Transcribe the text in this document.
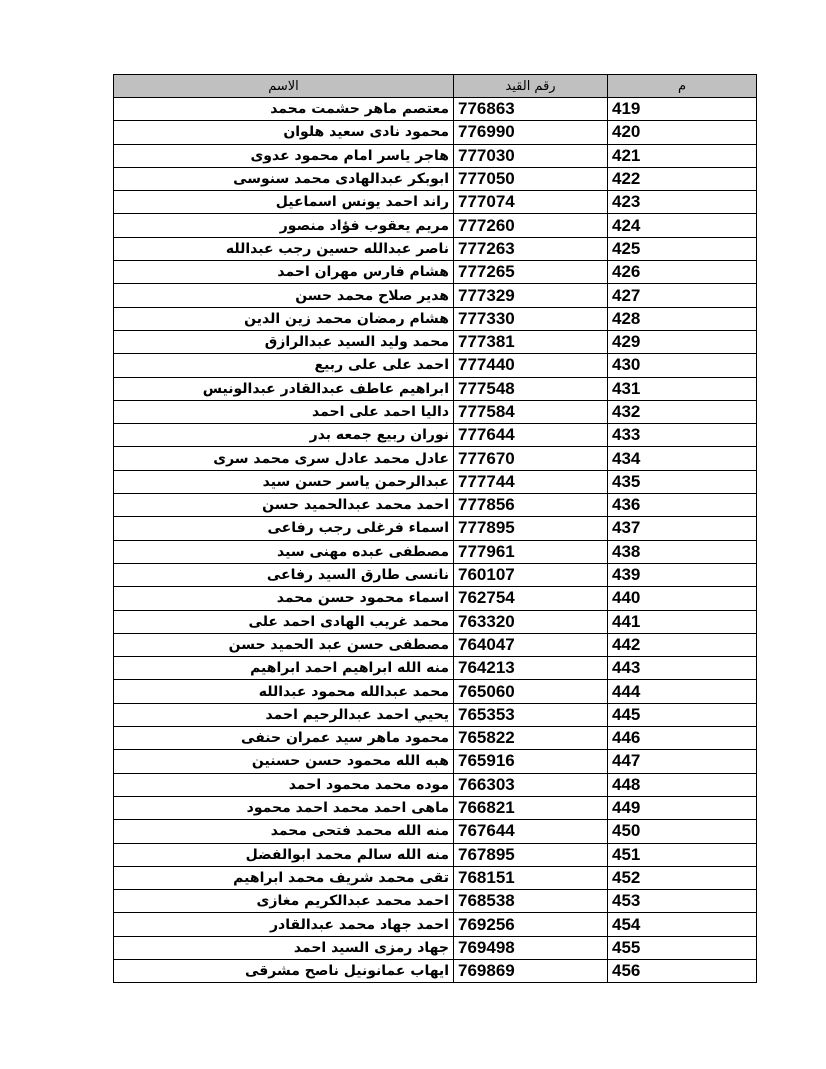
م	رقم القيد	الاسم
419	776863	معتصم ماهر حشمت محمد
420	776990	محمود نادى سعيد هلوان
421	777030	هاجر ياسر امام محمود عدوى
422	777050	ابوبكر عبدالهادى محمد سنوسى
423	777074	راند احمد يونس اسماعيل
424	777260	مريم يعقوب فؤاد منصور
425	777263	ناصر عبدالله حسين رجب عبدالله
426	777265	هشام فارس مهران احمد
427	777329	هدير صلاح محمد حسن
428	777330	هشام رمضان محمد زين الدين
429	777381	محمد وليد السيد عبدالرازق
430	777440	احمد على على ربيع
431	777548	ابراهيم عاطف عبدالقادر عبدالونيس
432	777584	داليا احمد على احمد
433	777644	نوران ربيع جمعه بدر
434	777670	عادل محمد عادل سرى محمد سرى
435	777744	عبدالرحمن ياسر حسن سيد
436	777856	احمد محمد عبدالحميد حسن
437	777895	اسماء فرغلى رجب رفاعى
438	777961	مصطفى عبده مهنى سيد
439	760107	نانسى طارق السيد رفاعى
440	762754	اسماء محمود حسن محمد
441	763320	محمد غريب الهادى احمد على
442	764047	مصطفى حسن عبد الحميد حسن
443	764213	منه الله ابراهيم احمد ابراهيم
444	765060	محمد عبدالله محمود عبدالله
445	765353	يحيي احمد عبدالرحيم احمد
446	765822	محمود ماهر سيد عمران حنفى
447	765916	هبه الله محمود حسن حسنين
448	766303	موده محمد محمود احمد
449	766821	ماهى احمد محمد احمد محمود
450	767644	منه الله محمد فتحى محمد
451	767895	منه الله سالم محمد ابوالفضل
452	768151	تقى محمد شريف محمد ابراهيم
453	768538	احمد محمد عبدالكريم مغازى
454	769256	احمد جهاد محمد عبدالقادر
455	769498	جهاد رمزى السيد احمد
456	769869	ايهاب عمانونيل ناصح مشرقى
